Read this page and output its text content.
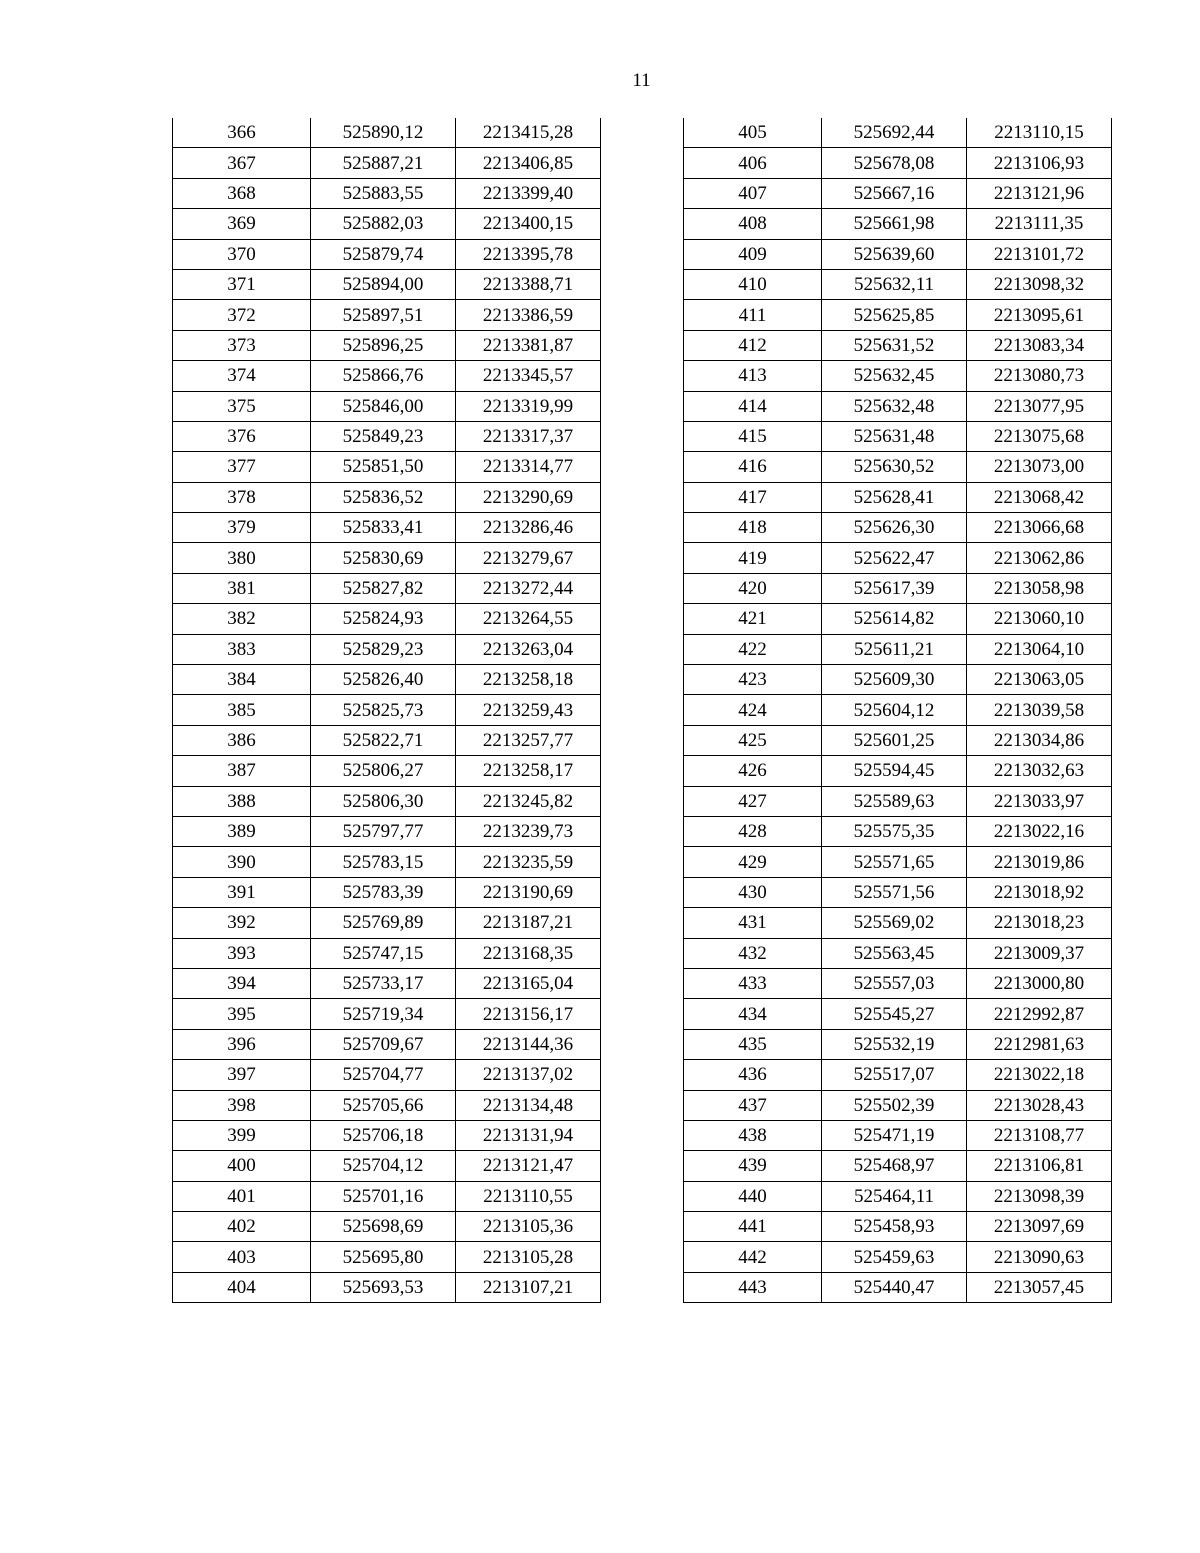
11
366	525890,12	2213415,28
367	525887,21	2213406,85
368	525883,55	2213399,40
369	525882,03	2213400,15
370	525879,74	2213395,78
371	525894,00	2213388,71
372	525897,51	2213386,59
373	525896,25	2213381,87
374	525866,76	2213345,57
375	525846,00	2213319,99
376	525849,23	2213317,37
377	525851,50	2213314,77
378	525836,52	2213290,69
379	525833,41	2213286,46
380	525830,69	2213279,67
381	525827,82	2213272,44
382	525824,93	2213264,55
383	525829,23	2213263,04
384	525826,40	2213258,18
385	525825,73	2213259,43
386	525822,71	2213257,77
387	525806,27	2213258,17
388	525806,30	2213245,82
389	525797,77	2213239,73
390	525783,15	2213235,59
391	525783,39	2213190,69
392	525769,89	2213187,21
393	525747,15	2213168,35
394	525733,17	2213165,04
395	525719,34	2213156,17
396	525709,67	2213144,36
397	525704,77	2213137,02
398	525705,66	2213134,48
399	525706,18	2213131,94
400	525704,12	2213121,47
401	525701,16	2213110,55
402	525698,69	2213105,36
403	525695,80	2213105,28
404	525693,53	2213107,21
405	525692,44	2213110,15
406	525678,08	2213106,93
407	525667,16	2213121,96
408	525661,98	2213111,35
409	525639,60	2213101,72
410	525632,11	2213098,32
411	525625,85	2213095,61
412	525631,52	2213083,34
413	525632,45	2213080,73
414	525632,48	2213077,95
415	525631,48	2213075,68
416	525630,52	2213073,00
417	525628,41	2213068,42
418	525626,30	2213066,68
419	525622,47	2213062,86
420	525617,39	2213058,98
421	525614,82	2213060,10
422	525611,21	2213064,10
423	525609,30	2213063,05
424	525604,12	2213039,58
425	525601,25	2213034,86
426	525594,45	2213032,63
427	525589,63	2213033,97
428	525575,35	2213022,16
429	525571,65	2213019,86
430	525571,56	2213018,92
431	525569,02	2213018,23
432	525563,45	2213009,37
433	525557,03	2213000,80
434	525545,27	2212992,87
435	525532,19	2212981,63
436	525517,07	2213022,18
437	525502,39	2213028,43
438	525471,19	2213108,77
439	525468,97	2213106,81
440	525464,11	2213098,39
441	525458,93	2213097,69
442	525459,63	2213090,63
443	525440,47	2213057,45
